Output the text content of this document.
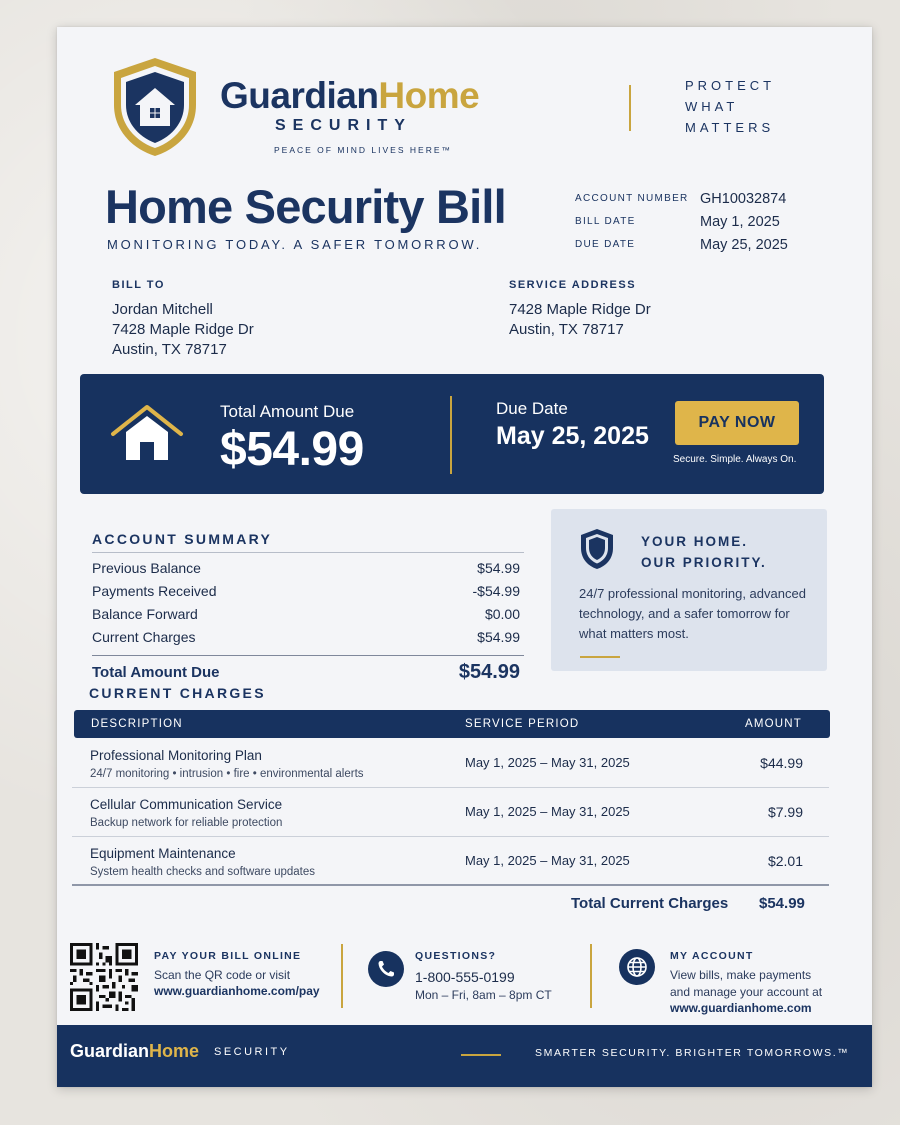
GuardianHome
SECURITY
PEACE OF MIND LIVES HERE™
PROTECT
WHAT
MATTERS
Home Security Bill
MONITORING TODAY. A SAFER TOMORROW.
ACCOUNT NUMBER GH10032874
BILL DATE	May 1, 2025
DUE DATE	May 25, 2025
BILL TO
Jordan Mitchell
7428 Maple Ridge Dr
Austin, TX 78717
SERVICE ADDRESS
7428 Maple Ridge Dr
Austin, TX 78717
Total Amount Due
$54.99
Due Date
May 25, 2025	PAY NOW
Secure. Simple. Always On.
ACCOUNT SUMMARY
Previous Balance	$54.99
Payments Received	-$54.99
Balance Forward	$0.00
Current Charges	$54.99
Total Amount Due	$54.99
YOUR HOME.
OUR PRIORITY.
24/7 professional monitoring, advanced technology, and a safer tomorrow for what matters most.
CURRENT CHARGES
DESCRIPTION	SERVICE PERIOD	AMOUNT
Professional Monitoring Plan
24/7 monitoring • intrusion • fire • environmental alerts
May 1, 2025 – May 31, 2025	$44.99
Cellular Communication Service
Backup network for reliable protection
May 1, 2025 – May 31, 2025	$7.99
Equipment Maintenance
System health checks and software updates
May 1, 2025 – May 31, 2025	$2.01
Total Current Charges $54.99
PAY YOUR BILL ONLINE
Scan the QR code or visit
www.guardianhome.com/pay
QUESTIONS?
1-800-555-0199
Mon – Fri, 8am – 8pm CT
MY ACCOUNT
View bills, make payments
and manage your account at
www.guardianhome.com
GuardianHome SECURITY	SMARTER SECURITY. BRIGHTER TOMORROWS.™
